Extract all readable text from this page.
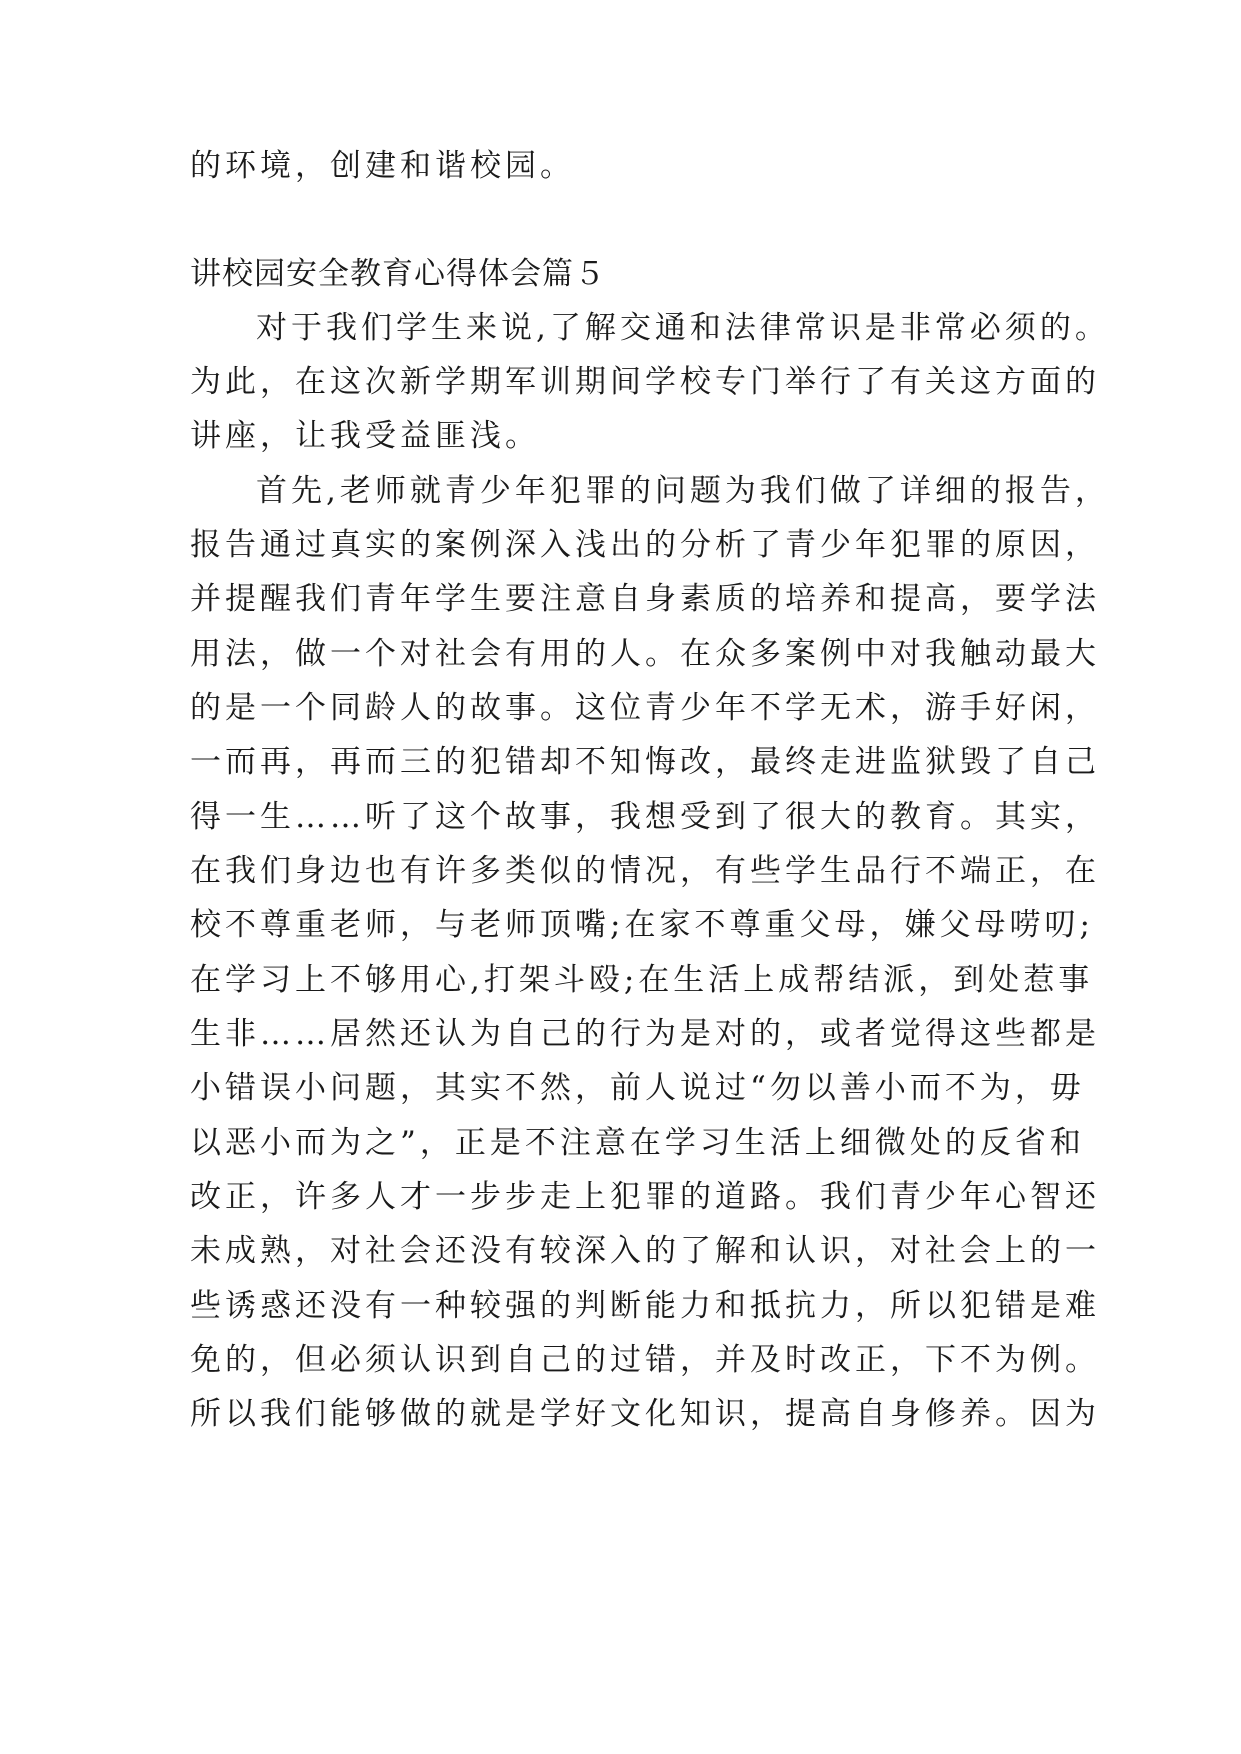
的环境，创建和谐校园。
讲校园安全教育心得体会篇５
对于我们学生来说,了解交通和法律常识是非常必须的。
为此，在这次新学期军训期间学校专门举行了有关这方面的
讲座，让我受益匪浅。
首先,老师就青少年犯罪的问题为我们做了详细的报告，
报告通过真实的案例深入浅出的分析了青少年犯罪的原因，
并提醒我们青年学生要注意自身素质的培养和提高，要学法
用法，做一个对社会有用的人。在众多案例中对我触动最大
的是一个同龄人的故事。这位青少年不学无术，游手好闲，
一而再，再而三的犯错却不知悔改，最终走进监狱毁了自己
得一生……听了这个故事，我想受到了很大的教育。其实，
在我们身边也有许多类似的情况，有些学生品行不端正，在
校不尊重老师，与老师顶嘴;在家不尊重父母，嫌父母唠叨;
在学习上不够用心,打架斗殴;在生活上成帮结派，到处惹事
生非……居然还认为自己的行为是对的，或者觉得这些都是
小错误小问题，其实不然，前人说过“勿以善小而不为，毋
以恶小而为之”，正是不注意在学习生活上细微处的反省和
改正，许多人才一步步走上犯罪的道路。我们青少年心智还
未成熟，对社会还没有较深入的了解和认识，对社会上的一
些诱惑还没有一种较强的判断能力和抵抗力，所以犯错是难
免的，但必须认识到自己的过错，并及时改正，下不为例。
所以我们能够做的就是学好文化知识，提高自身修养。因为
